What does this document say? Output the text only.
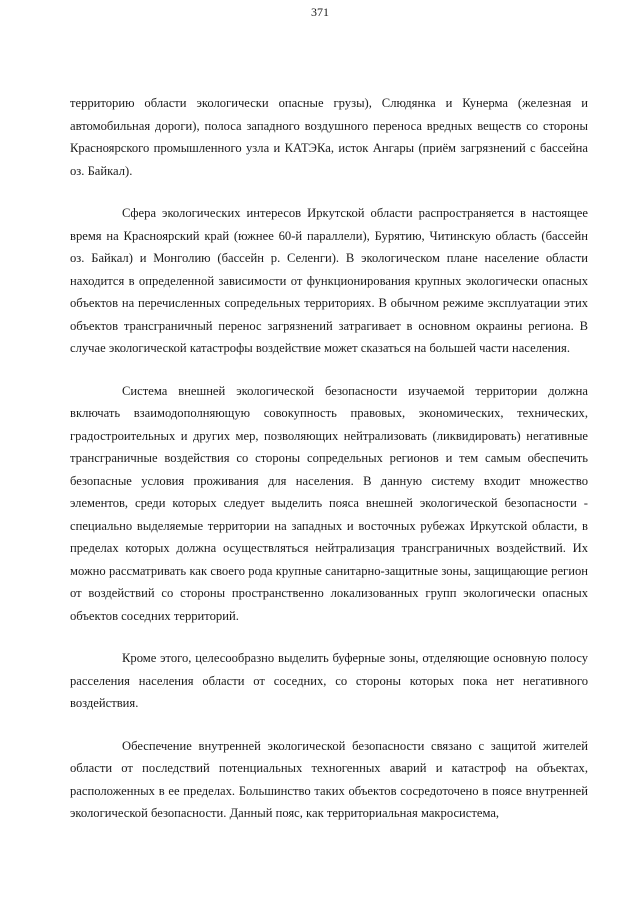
371

территорию области экологически опасные грузы), Слюдянка и Кунерма (железная и автомобильная дороги), полоса западного воздушного переноса вредных веществ со стороны Красноярского промышленного узла и КАТЭКа, исток Ангары (приём загрязнений с бассейна оз. Байкал).

Сфера экологических интересов Иркутской области распространяется в настоящее время на Красноярский край (южнее 60-й параллели), Бурятию, Читинскую область (бассейн оз. Байкал) и Монголию (бассейн р. Селенги). В экологическом плане население области находится в определенной зависимости от функционирования крупных экологически опасных объектов на перечисленных сопредельных территориях. В обычном режиме эксплуатации этих объектов трансграничный перенос загрязнений затрагивает в основном окраины региона. В случае экологической катастрофы воздействие может сказаться на большей части населения.

Система внешней экологической безопасности изучаемой территории должна включать взаимодополняющую совокупность правовых, экономических, технических, градостроительных и других мер, позволяющих нейтрализовать (ликвидировать) негативные трансграничные воздействия со стороны сопредельных регионов и тем самым обеспечить безопасные условия проживания для населения. В данную систему входит множество элементов, среди которых следует выделить пояса внешней экологической безопасности - специально выделяемые территории на западных и восточных рубежах Иркутской области, в пределах которых должна осуществляться нейтрализация трансграничных воздействий. Их можно рассматривать как своего рода крупные санитарно-защитные зоны, защищающие регион от воздействий со стороны пространственно локализованных групп экологически опасных объектов соседних территорий.

Кроме этого, целесообразно выделить буферные зоны, отделяющие основную полосу расселения населения области от соседних, со стороны которых пока нет негативного воздействия.

Обеспечение внутренней экологической безопасности связано с защитой жителей области от последствий потенциальных техногенных аварий и катастроф на объектах, расположенных в ее пределах. Большинство таких объектов сосредоточено в поясе внутренней экологической безопасности. Данный пояс, как территориальная макросистема,
